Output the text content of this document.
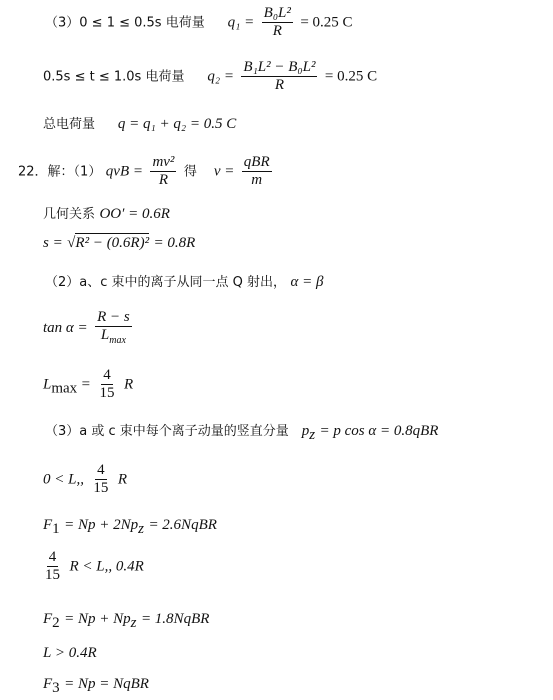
（3）0 ≤ 1 ≤ 0.5s 电荷量 $q_1 = \frac{\text{B₀L²}}{R} = 0.25$ C
0.5s ≤ t ≤ 1.0s 电荷量 $q_2 = \frac{\text{B₁L² − B₀L²}}{R} = 0.25$ C
总电荷量 q = q₁ + q₂ = 0.5 C
22．解：（1） qvB = $\frac{\text{mv²}}{R}$ 得 $v = \frac{\text{qBR}}{m}$
几何关系 OO′ = 0.6R
s = √R² − (0.6R)² = 0.8R
（2）a、c 束中的离子从同一点 Q 射出， α = β
$\tan \alpha = \frac{R - s}{L_{max}}$
$L_{max} = \frac{4}{15}$ R
（3）a 或 c 束中每个离子动量的竖直分量 $p_z = p$ cos α = 0.8qBR
0 < L,, $\frac{4}{15}$ R
$F_1 = Np + 2Np_z$ = 2.6NqBR
$\frac{4}{15}$ R < L,, 0.4R
$F_2 = Np + Np_z$ = 1.8NqBR
L > 0.4R
$F_3 = Np$ = NqBR
